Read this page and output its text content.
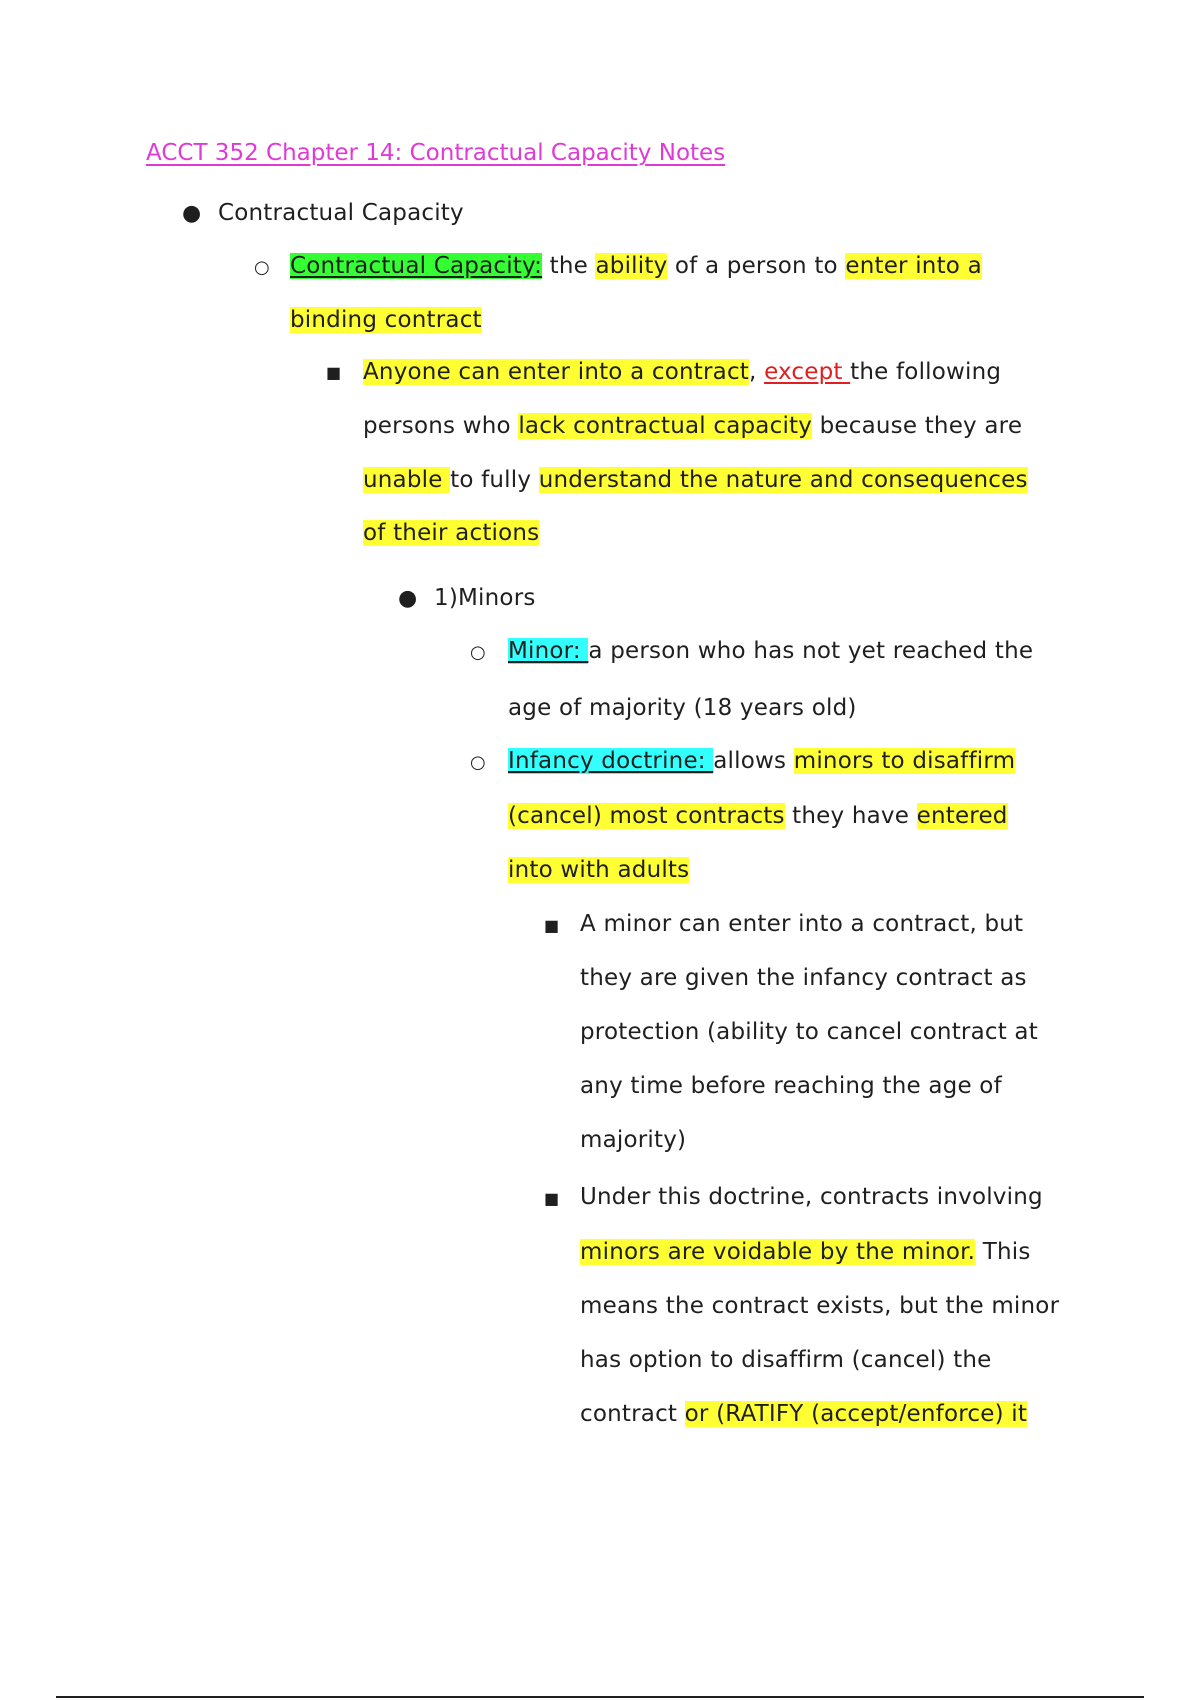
ACCT 352 Chapter 14: Contractual Capacity Notes
● Contractual Capacity
○ Contractual Capacity: the ability of a person to enter into a
binding contract
■ Anyone can enter into a contract, except the following
persons who lack contractual capacity because they are
unable to fully understand the nature and consequences
of their actions
● 1)Minors
○ Minor: a person who has not yet reached the
age of majority (18 years old)
○ Infancy doctrine: allows minors to disaffirm
(cancel) most contracts they have entered
into with adults
■ A minor can enter into a contract, but
they are given the infancy contract as
protection (ability to cancel contract at
any time before reaching the age of
majority)
■ Under this doctrine, contracts involving
minors are voidable by the minor. This
means the contract exists, but the minor
has option to disaffirm (cancel) the
contract or (RATIFY (accept/enforce) it
